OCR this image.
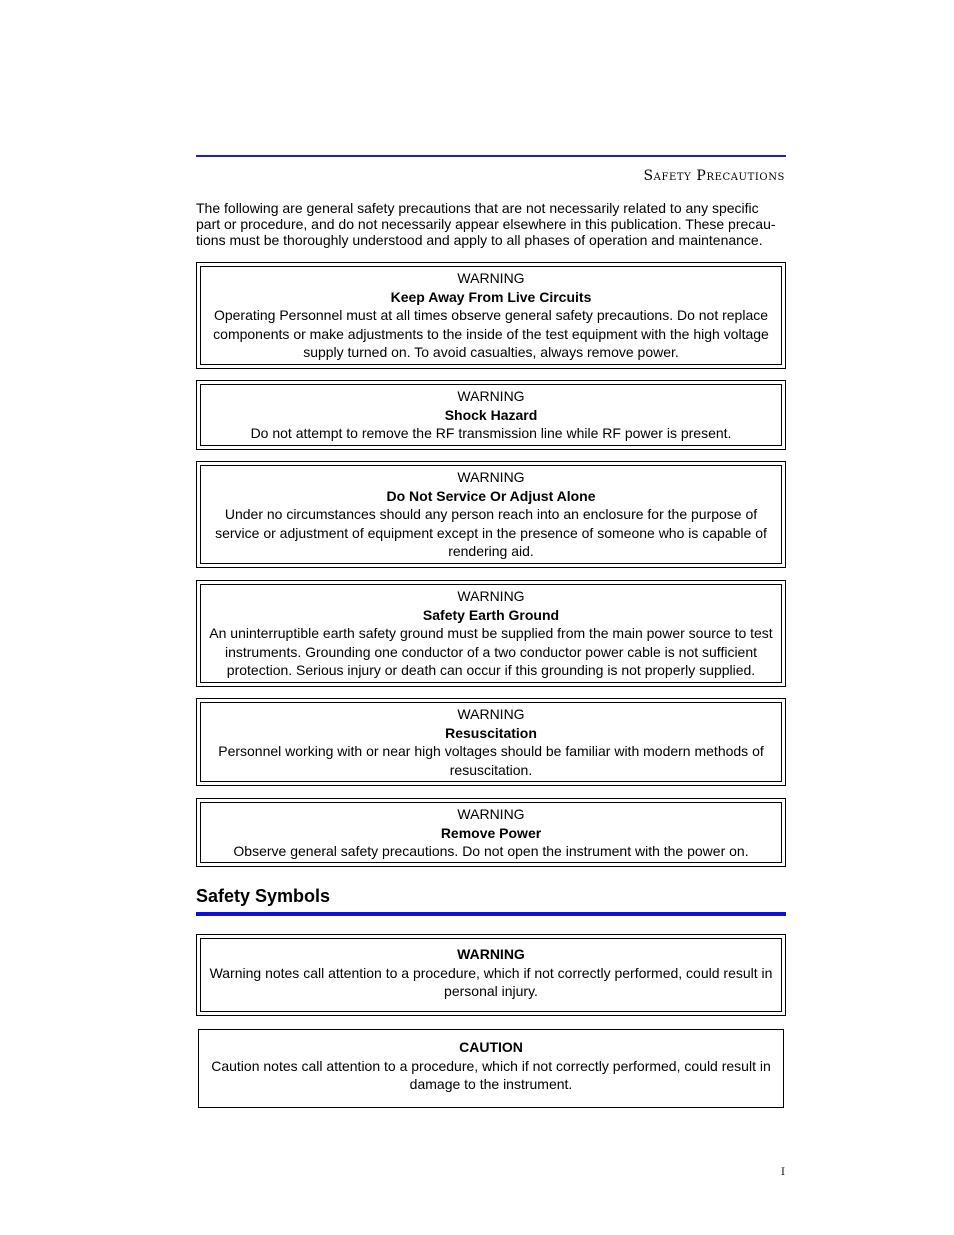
Safety Precautions

The following are general safety precautions that are not necessarily related to any specific part or procedure, and do not necessarily appear elsewhere in this publication. These precau-tions must be thoroughly understood and apply to all phases of operation and maintenance.

WARNING

Keep Away From Live Circuits

Operating Personnel must at all times observe general safety precautions. Do not replace components or make adjustments to the inside of the test equipment with the high voltage supply turned on. To avoid casualties, always remove power.

WARNING

Shock Hazard

Do not attempt to remove the RF transmission line while RF power is present.

WARNING

Do Not Service Or Adjust Alone

Under no circumstances should any person reach into an enclosure for the purpose of service or adjustment of equipment except in the presence of someone who is capable of rendering aid.

WARNING

Safety Earth Ground

An uninterruptible earth safety ground must be supplied from the main power source to test instruments. Grounding one conductor of a two conductor power cable is not sufficient protection. Serious injury or death can occur if this grounding is not properly supplied.

WARNING

Resuscitation

Personnel working with or near high voltages should be familiar with modern methods of resuscitation.

WARNING

Remove Power

Observe general safety precautions. Do not open the instrument with the power on.

Safety Symbols

WARNING

Warning notes call attention to a procedure, which if not correctly performed, could result in personal injury.

CAUTION

Caution notes call attention to a procedure, which if not correctly performed, could result in damage to the instrument.

I
